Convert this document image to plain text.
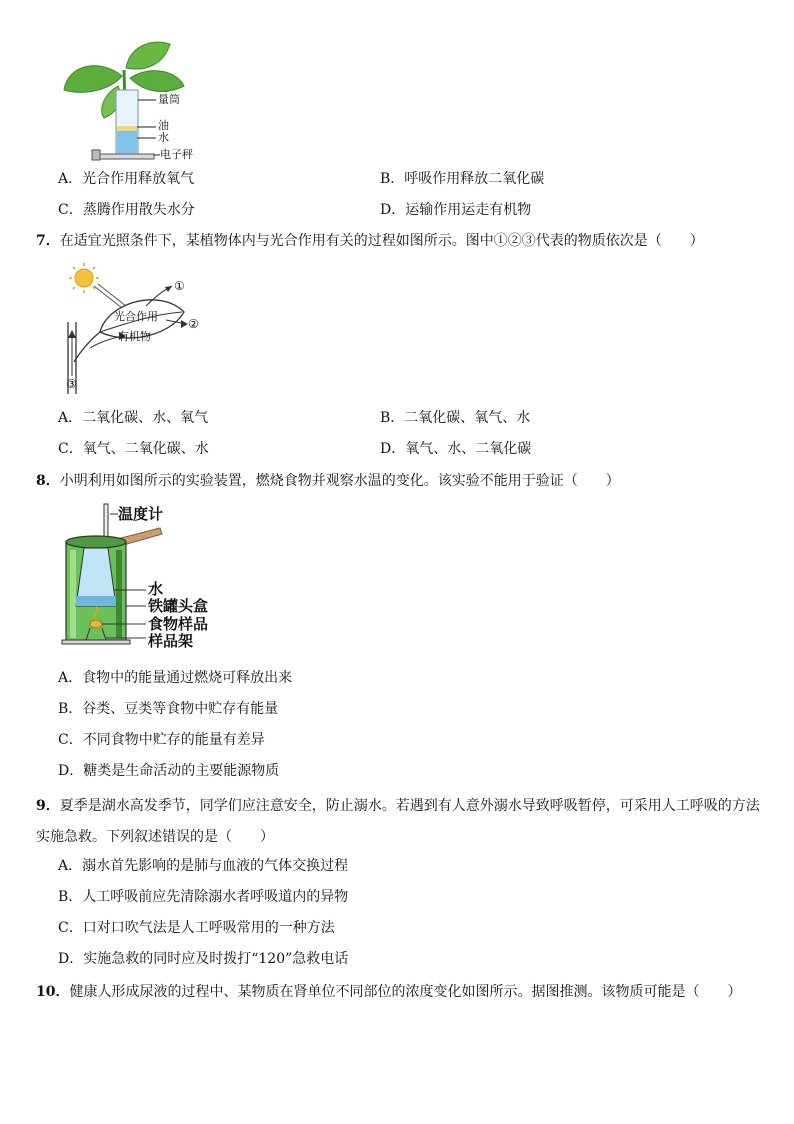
量筒
油
水
电子秤
A．光合作用释放氧气	B．呼吸作用释放二氧化碳
C．蒸腾作用散失水分	D．运输作用运走有机物
7．在适宜光照条件下，某植物体内与光合作用有关的过程如图所示。图中①②③代表的物质依次是（　　）
光合作用
有机物
①
②
③
A．二氧化碳、水、氧气	B．二氧化碳、氧气、水
C．氧气、二氧化碳、水	D．氧气、水、二氧化碳
8．小明利用如图所示的实验装置，燃烧食物并观察水温的变化。该实验不能用于验证（　　）
温度计
水
铁罐头盒
食物样品
样品架
A．食物中的能量通过燃烧可释放出来
B．谷类、豆类等食物中贮存有能量
C．不同食物中贮存的能量有差异
D．糖类是生命活动的主要能源物质
9．夏季是湖水高发季节，同学们应注意安全，防止溺水。若遇到有人意外溺水导致呼吸暂停，可采用人工呼吸的方法实施急救。下列叙述错误的是（　　）
A．溺水首先影响的是肺与血液的气体交换过程
B．人工呼吸前应先清除溺水者呼吸道内的异物
C．口对口吹气法是人工呼吸常用的一种方法
D．实施急救的同时应及时拨打“120”急救电话
10．健康人形成尿液的过程中、某物质在肾单位不同部位的浓度变化如图所示。据图推测。该物质可能是（　　）
